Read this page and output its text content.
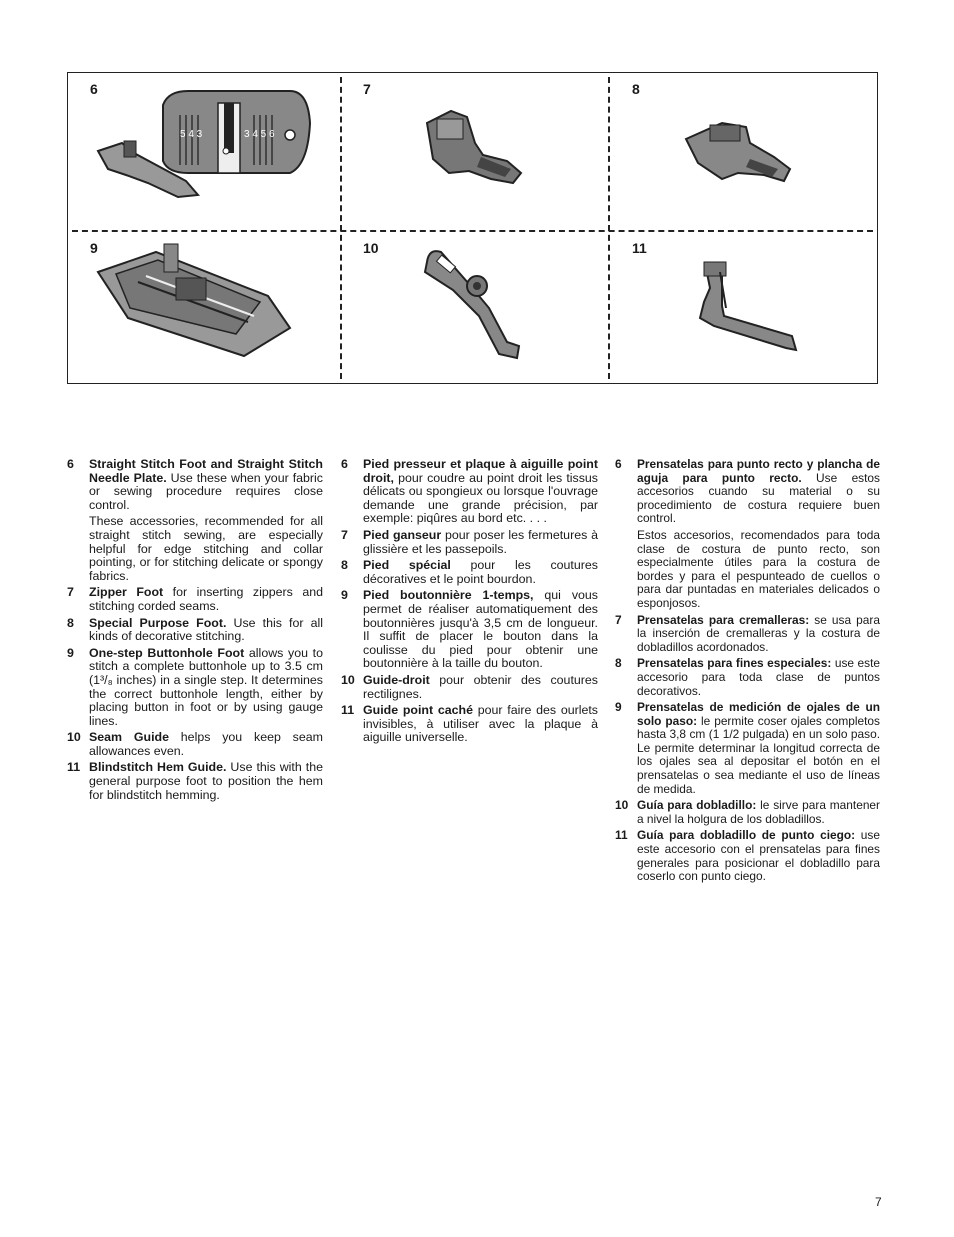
6
5 4 3	3 4 5 6
7	8
9	10	11
6	Straight Stitch Foot and Straight Stitch Needle Plate. Use these when your fabric or sewing procedure requires close control.
These accessories, recommended for all straight stitch sewing, are especially helpful for edge stitching and collar pointing, or for stitching delicate or spongy fabrics.
7	Zipper Foot for inserting zippers and stitching corded seams.
8	Special Purpose Foot. Use this for all kinds of decorative stitching.
9	One-step Buttonhole Foot allows you to stitch a complete buttonhole up to 3.5 cm (1³/₈ inches) in a single step. It determines the correct buttonhole length, either by placing button in foot or by using gauge lines.
10 Seam Guide helps you keep seam allowances even.
11 Blindstitch Hem Guide. Use this with the general purpose foot to position the hem for blindstitch hemming.
6	Pied presseur et plaque à aiguille point droit, pour coudre au point droit les tissus délicats ou spongieux ou lorsque l'ouvrage demande une grande précision, par exemple: piqûres au bord etc. . . .
7	Pied ganseur pour poser les fermetures à glissière et les passepoils.
8	Pied spécial pour les coutures décoratives et le point bourdon.
9	Pied boutonnière 1-temps, qui vous permet de réaliser automatiquement des boutonnières jusqu'à 3,5 cm de longueur. Il suffit de placer le bouton dans la coulisse du pied pour obtenir une boutonnière à la taille du bouton.
10 Guide-droit pour obtenir des coutures rectilignes.
11 Guide point caché pour faire des ourlets invisibles, à utiliser avec la plaque à aiguille universelle.
6	Prensatelas para punto recto y plancha de aguja para punto recto. Use estos accesorios cuando su material o su procedimiento de costura requiere buen control.
Estos accesorios, recomendados para toda clase de costura de punto recto, son especialmente útiles para la costura de bordes y para el pespunteado de cuellos o para dar puntadas en materiales delicados o esponjosos.
7	Prensatelas para cremalleras: se usa para la inserción de cremalleras y la costura de dobladillos acordonados.
8	Prensatelas para fines especiales: use este accesorio para toda clase de puntos decorativos.
9	Prensatelas de medición de ojales de un solo paso: le permite coser ojales completos hasta 3,8 cm (1 1/2 pulgada) en un solo paso. Le permite determinar la longitud correcta de los ojales sea al depositar el botón en el prensatelas o sea mediante el uso de líneas de medida.
10 Guía para dobladillo: le sirve para mantener a nivel la holgura de los dobladillos.
11 Guía para dobladillo de punto ciego: use este accesorio con el prensatelas para fines generales para posicionar el dobladillo para coserlo con punto ciego.
7
